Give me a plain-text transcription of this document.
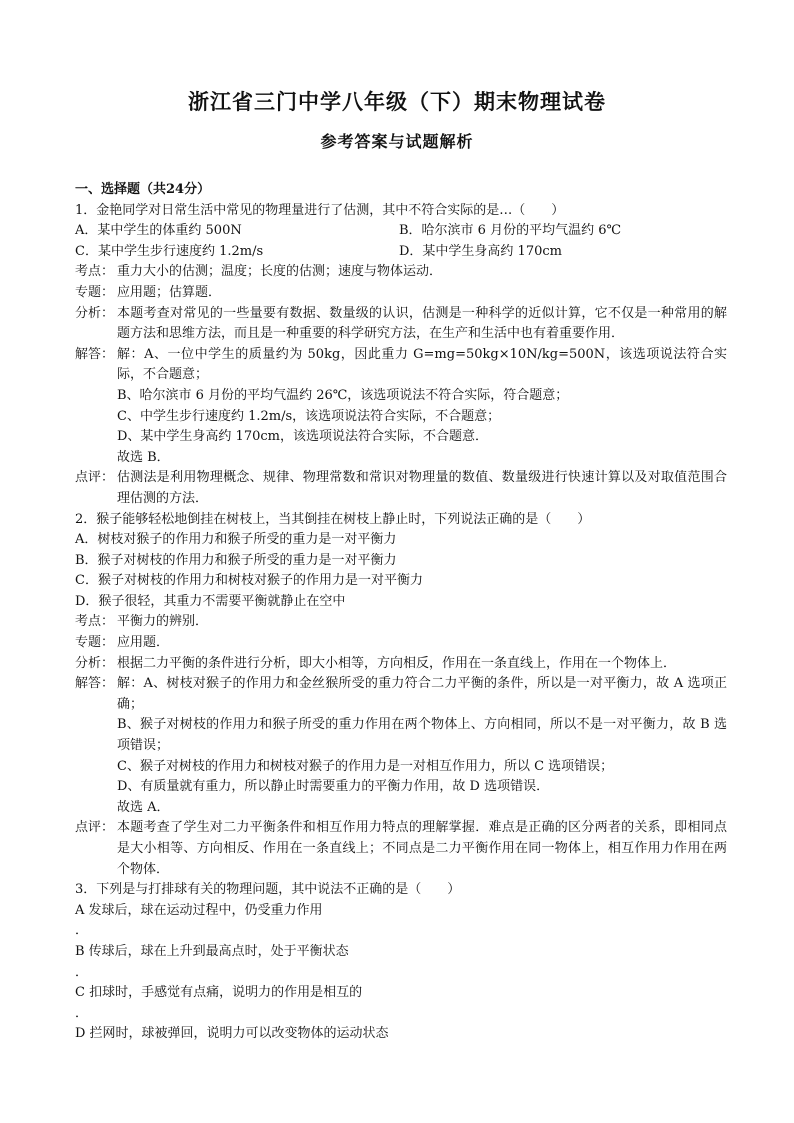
浙江省三门中学八年级（下）期末物理试卷
参考答案与试题解析
一、选择题（共24分）
1．金艳同学对日常生活中常见的物理量进行了估测，其中不符合实际的是…（　　）
A．某中学生的体重约 500N	B．哈尔滨市 6 月份的平均气温约 6℃
C．某中学生步行速度约 1.2m/s	D．某中学生身高约 170cm
考点： 重力大小的估测；温度；长度的估测；速度与物体运动．
专题： 应用题；估算题．
分析： 本题考查对常见的一些量要有数据、数量级的认识，估测是一种科学的近似计算，它不仅是一种常用的解题方法和思维方法，而且是一种重要的科学研究方法，在生产和生活中也有着重要作用．
解答： 解：A、一位中学生的质量约为 50kg，因此重力 G=mg=50kg×10N/kg=500N，该选项说法符合实际，不合题意；

B、哈尔滨市 6 月份的平均气温约 26℃，该选项说法不符合实际，符合题意；

C、中学生步行速度约 1.2m/s，该选项说法符合实际，不合题意；

D、某中学生身高约 170cm，该选项说法符合实际，不合题意．

故选 B．

点评： 估测法是利用物理概念、规律、物理常数和常识对物理量的数值、数量级进行快速计算以及对取值范围合理估测的方法．
2．猴子能够轻松地倒挂在树枝上，当其倒挂在树枝上静止时，下列说法正确的是（　　）
A．树枝对猴子的作用力和猴子所受的重力是一对平衡力
B．猴子对树枝的作用力和猴子所受的重力是一对平衡力
C．猴子对树枝的作用力和树枝对猴子的作用力是一对平衡力
D．猴子很轻，其重力不需要平衡就静止在空中
考点： 平衡力的辨别．
专题： 应用题．
分析： 根据二力平衡的条件进行分析，即大小相等，方向相反，作用在一条直线上，作用在一个物体上．
解答： 解：A、树枝对猴子的作用力和金丝猴所受的重力符合二力平衡的条件，所以是一对平衡力，故 A 选项正确；

B、猴子对树枝的作用力和猴子所受的重力作用在两个物体上、方向相同，所以不是一对平衡力，故 B 选项错误；

C、猴子对树枝的作用力和树枝对猴子的作用力是一对相互作用力，所以 C 选项错误；

D、有质量就有重力，所以静止时需要重力的平衡力作用，故 D 选项错误．

故选 A．

点评： 本题考查了学生对二力平衡条件和相互作用力特点的理解掌握．难点是正确的区分两者的关系，即相同点是大小相等、方向相反、作用在一条直线上；不同点是二力平衡作用在同一物体上，相互作用力作用在两个物体．
3．下列是与打排球有关的物理问题，其中说法不正确的是（　　）
A 发球后，球在运动过程中，仍受重力作用
．
B 传球后，球在上升到最高点时，处于平衡状态
．
C 扣球时，手感觉有点痛，说明力的作用是相互的
．
D 拦网时，球被弹回，说明力可以改变物体的运动状态
